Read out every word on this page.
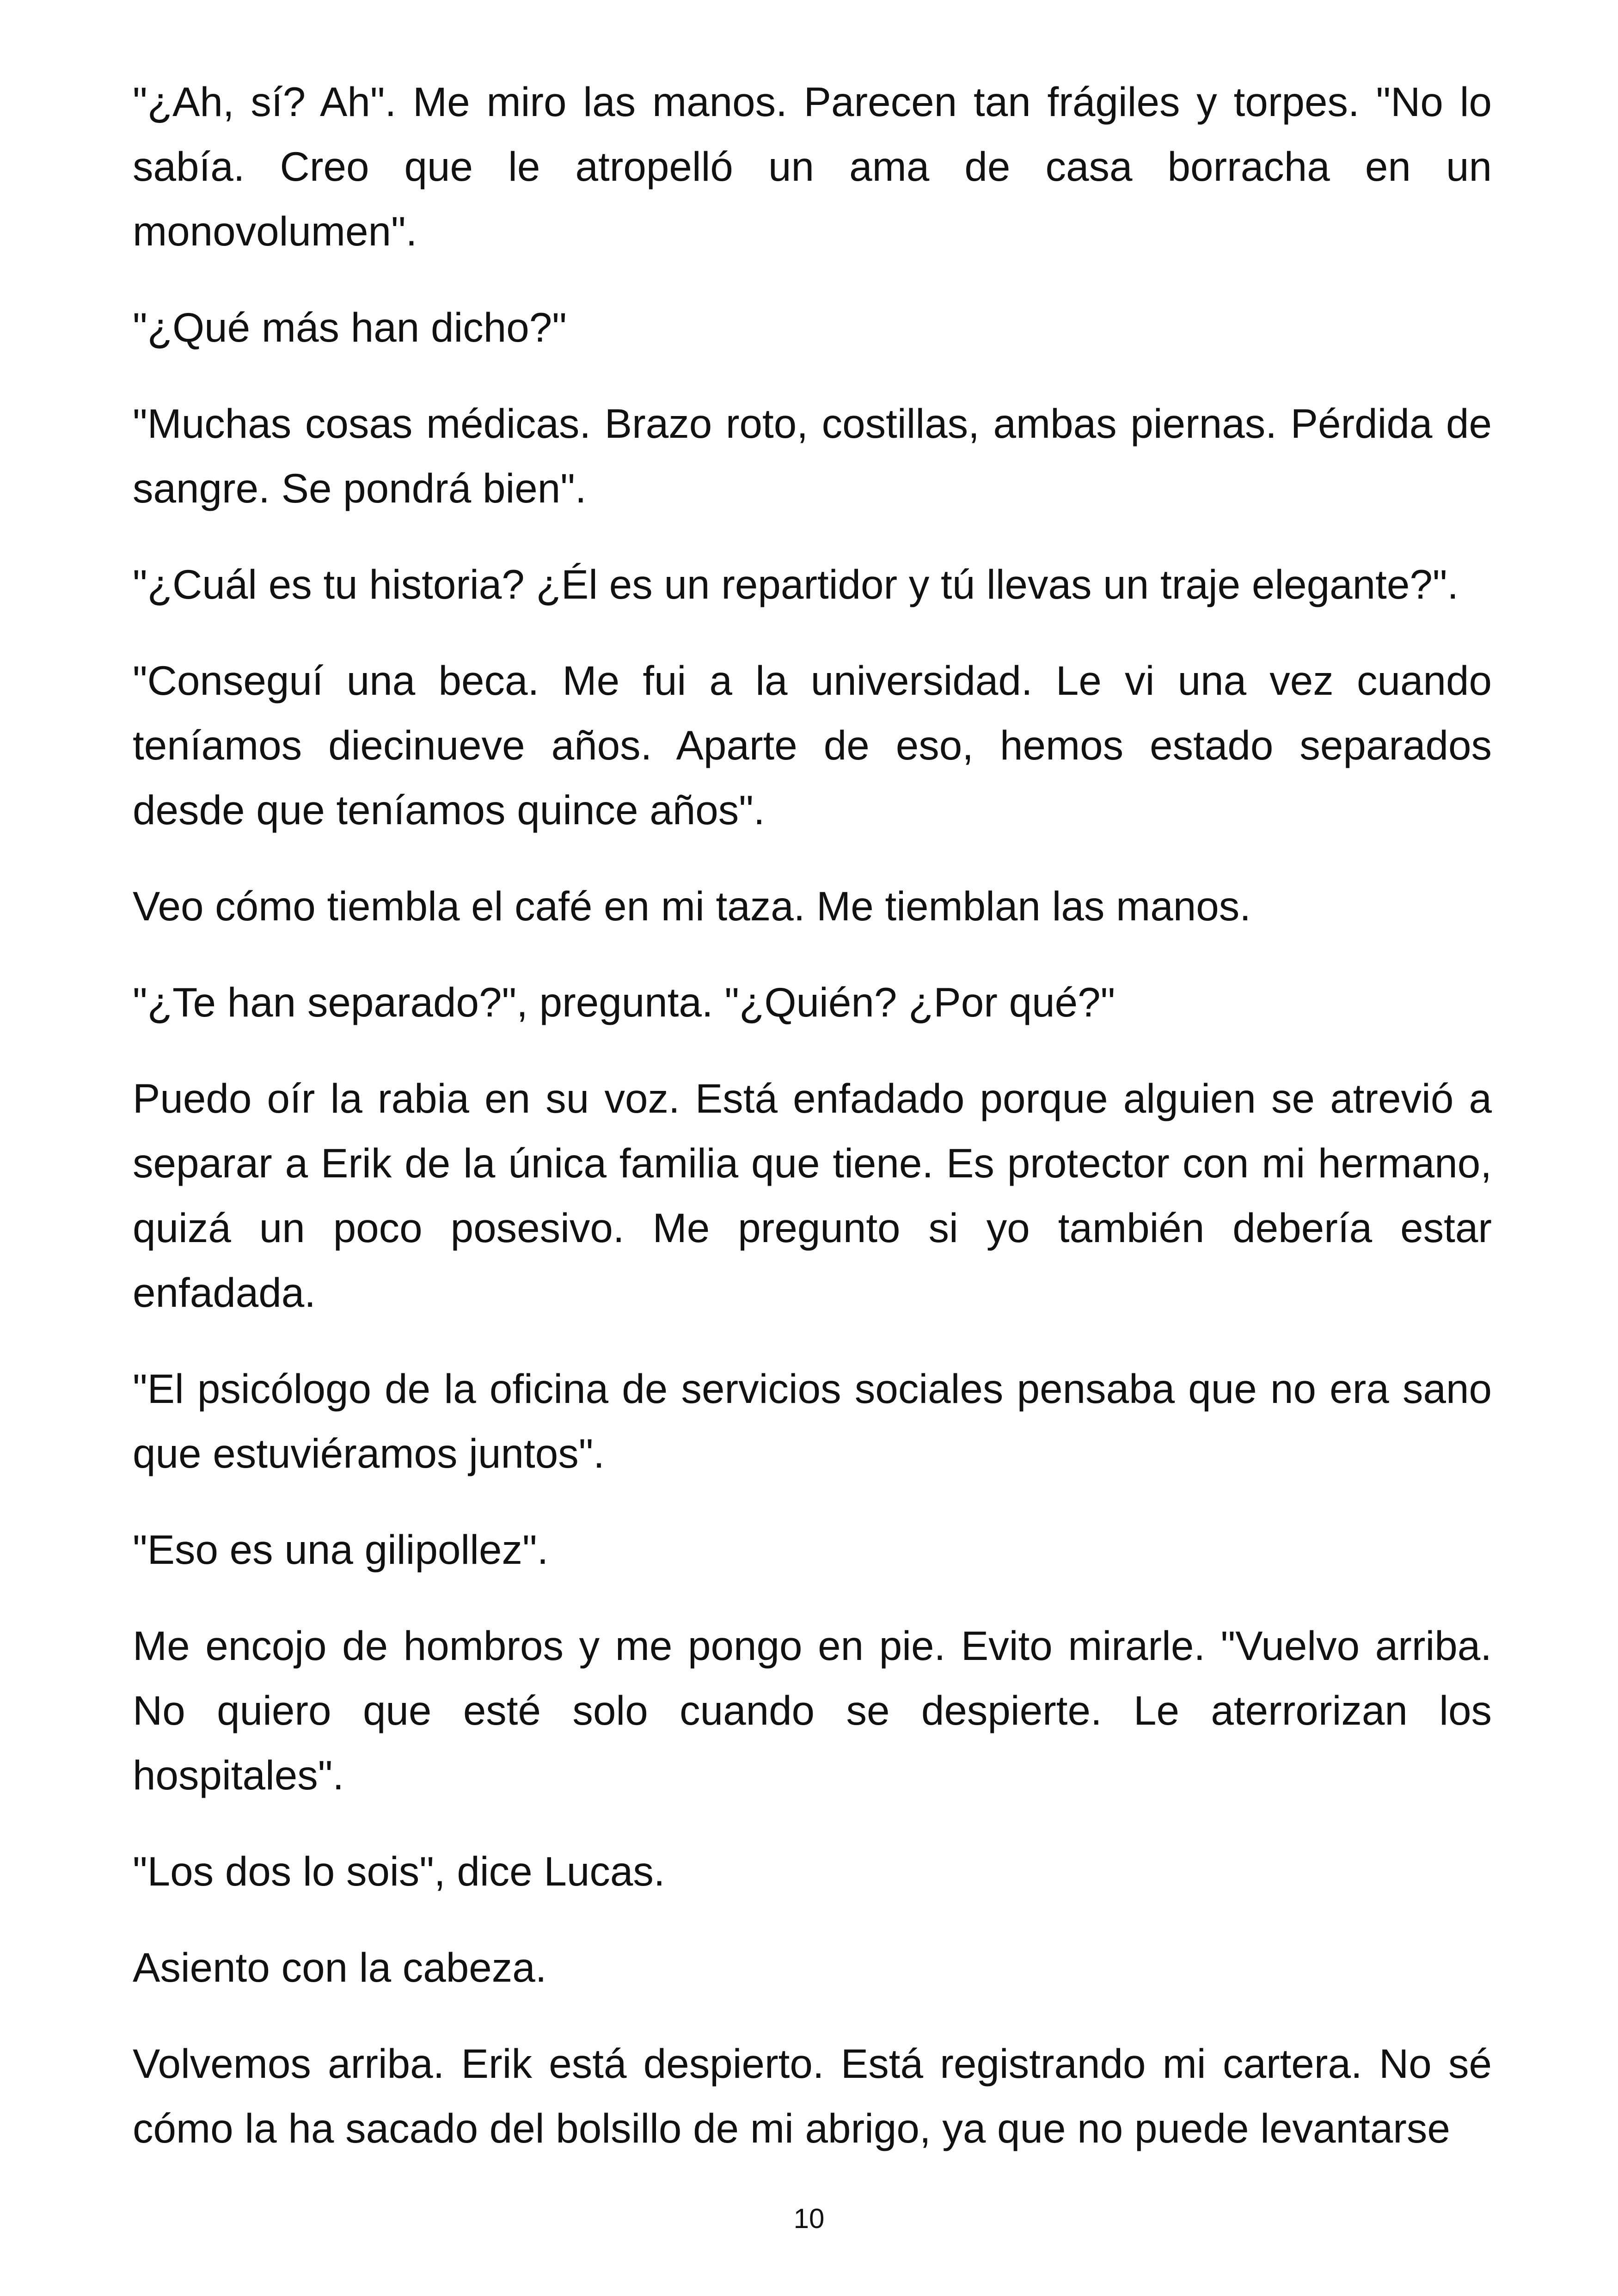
"¿Ah, sí? Ah". Me miro las manos. Parecen tan frágiles y torpes. "No lo sabía. Creo que le atropelló un ama de casa borracha en un monovolumen".

"¿Qué más han dicho?"

"Muchas cosas médicas. Brazo roto, costillas, ambas piernas. Pérdida de sangre. Se pondrá bien".

"¿Cuál es tu historia? ¿Él es un repartidor y tú llevas un traje elegante?".

"Conseguí una beca. Me fui a la universidad. Le vi una vez cuando teníamos diecinueve años. Aparte de eso, hemos estado separados desde que teníamos quince años".

Veo cómo tiembla el café en mi taza. Me tiemblan las manos.

"¿Te han separado?", pregunta. "¿Quién? ¿Por qué?"

Puedo oír la rabia en su voz. Está enfadado porque alguien se atrevió a separar a Erik de la única familia que tiene. Es protector con mi hermano, quizá un poco posesivo. Me pregunto si yo también debería estar enfadada.

"El psicólogo de la oficina de servicios sociales pensaba que no era sano que estuviéramos juntos".

"Eso es una gilipollez".

Me encojo de hombros y me pongo en pie. Evito mirarle. "Vuelvo arriba. No quiero que esté solo cuando se despierte. Le aterrorizan los hospitales".

"Los dos lo sois", dice Lucas.

Asiento con la cabeza.

Volvemos arriba. Erik está despierto. Está registrando mi cartera. No sé cómo la ha sacado del bolsillo de mi abrigo, ya que no puede levantarse

10
